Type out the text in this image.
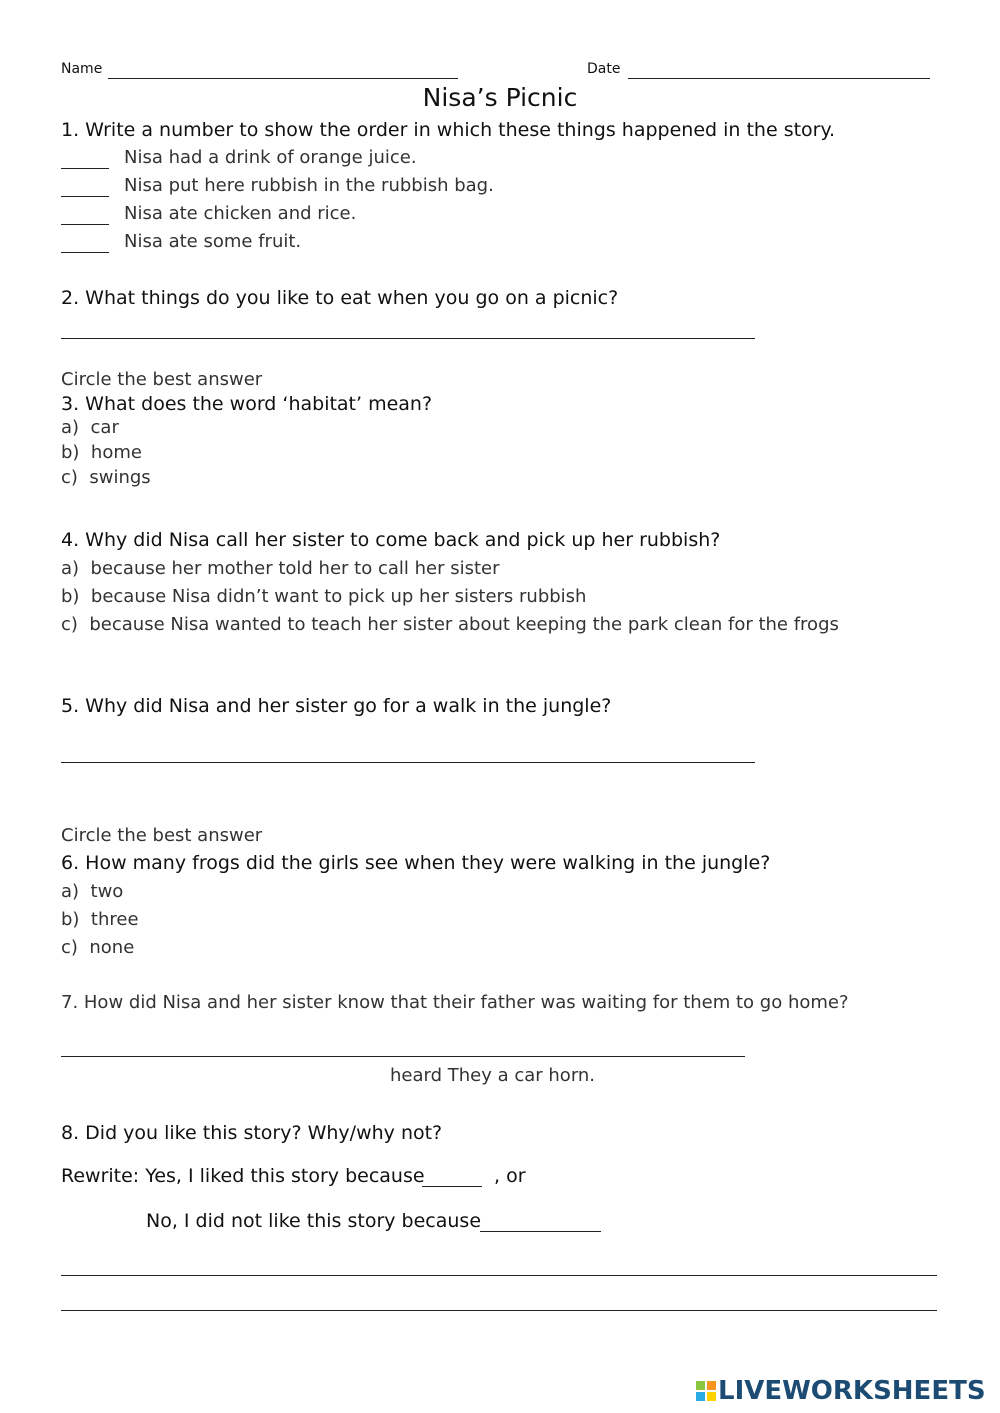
Name	Date
Nisa’s Picnic
1. Write a number to show the order in which these things happened in the story.
Nisa had a drink of orange juice.
Nisa put here rubbish in the rubbish bag.
Nisa ate chicken and rice.
Nisa ate some fruit.
2. What things do you like to eat when you go on a picnic?
Circle the best answer
3. What does the word ‘habitat’ mean?
a) car
b) home
c) swings
4. Why did Nisa call her sister to come back and pick up her rubbish?
a) because her mother told her to call her sister
b) because Nisa didn’t want to pick up her sisters rubbish
c) because Nisa wanted to teach her sister about keeping the park clean for the frogs
5. Why did Nisa and her sister go for a walk in the jungle?
Circle the best answer
6. How many frogs did the girls see when they were walking in the jungle?
a) two
b) three
c) none
7. How did Nisa and her sister know that their father was waiting for them to go home?
heard They a car horn.
8. Did you like this story? Why/why not?
Rewrite: Yes, I liked this story because	, or
No, I did not like this story because
LIVEWORKSHEETS
